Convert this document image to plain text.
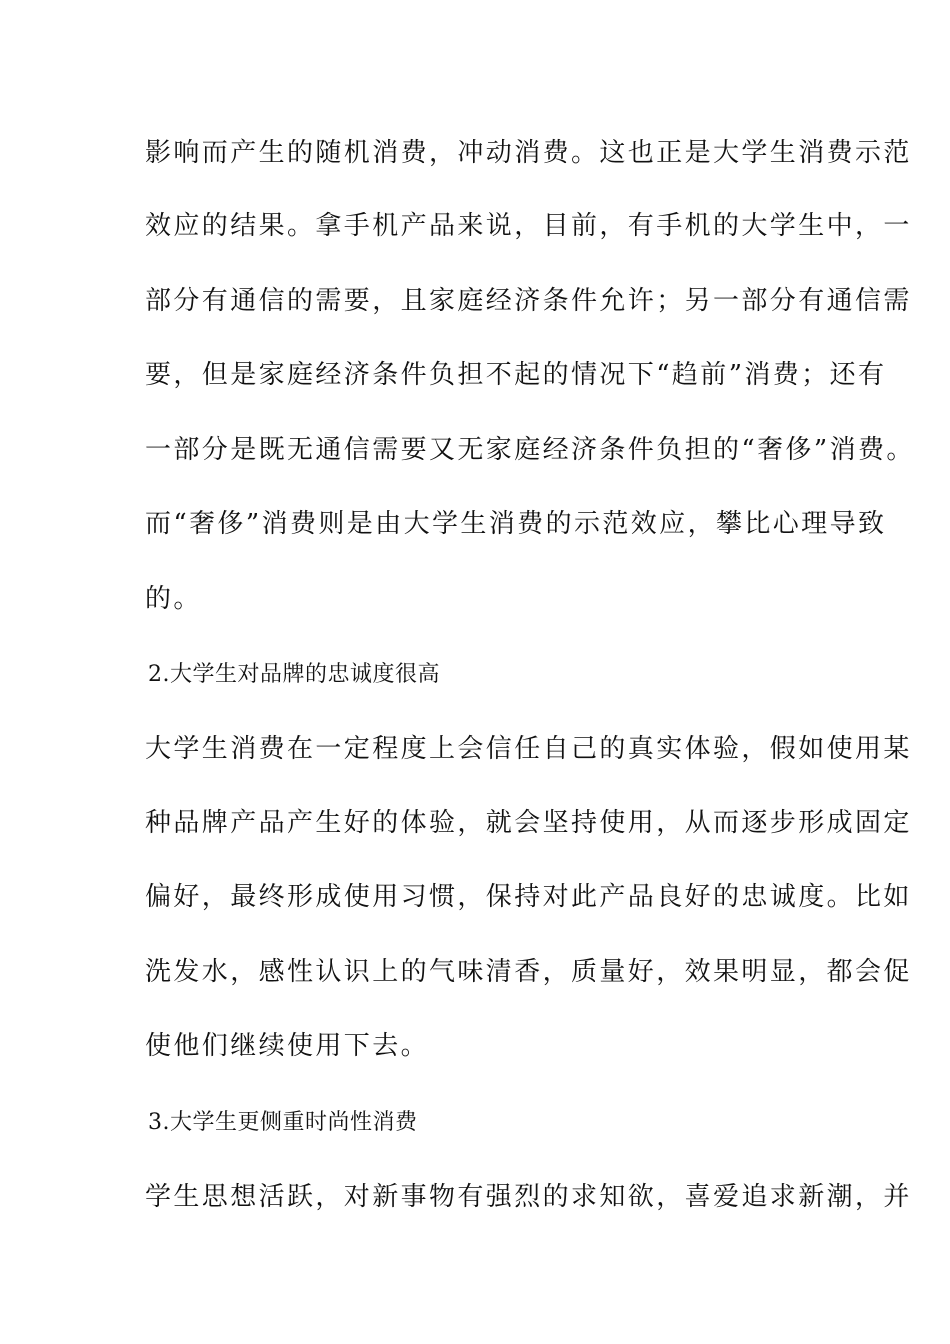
影响而产生的随机消费，冲动消费。这也正是大学生消费示范
效应的结果。拿手机产品来说，目前，有手机的大学生中，一
部分有通信的需要，且家庭经济条件允许；另一部分有通信需
要，但是家庭经济条件负担不起的情况下“趋前”消费；还有
一部分是既无通信需要又无家庭经济条件负担的“奢侈”消费。
而“奢侈”消费则是由大学生消费的示范效应，攀比心理导致
的。
2.大学生对品牌的忠诚度很高
大学生消费在一定程度上会信任自己的真实体验，假如使用某
种品牌产品产生好的体验，就会坚持使用，从而逐步形成固定
偏好，最终形成使用习惯，保持对此产品良好的忠诚度。比如
洗发水，感性认识上的气味清香，质量好，效果明显，都会促
使他们继续使用下去。
3.大学生更侧重时尚性消费
学生思想活跃，对新事物有强烈的求知欲，喜爱追求新潮，并
